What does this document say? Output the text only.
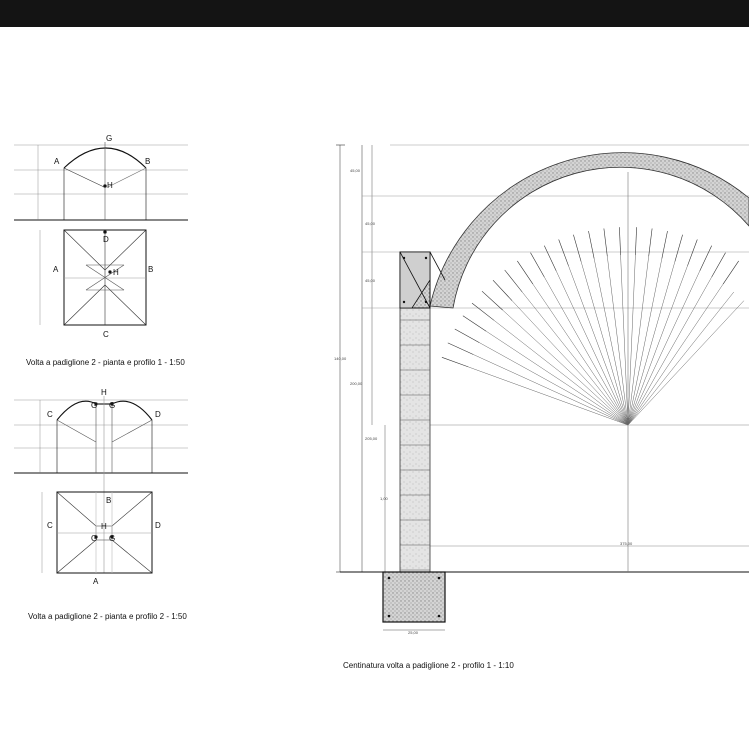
G
A	B
H
D
A	B
H
C
Volta a padiglione 2 - pianta e profilo 1 - 1:50
H
G G
C	D
B
C	D
H
G G
A
Volta a padiglione 2 - pianta e profilo 2 - 1:50
45,00
45,00
45,00
140,00
200,00
205,00
1,00
25,00
375,00
Centinatura volta a padiglione 2 - profilo 1 - 1:10
